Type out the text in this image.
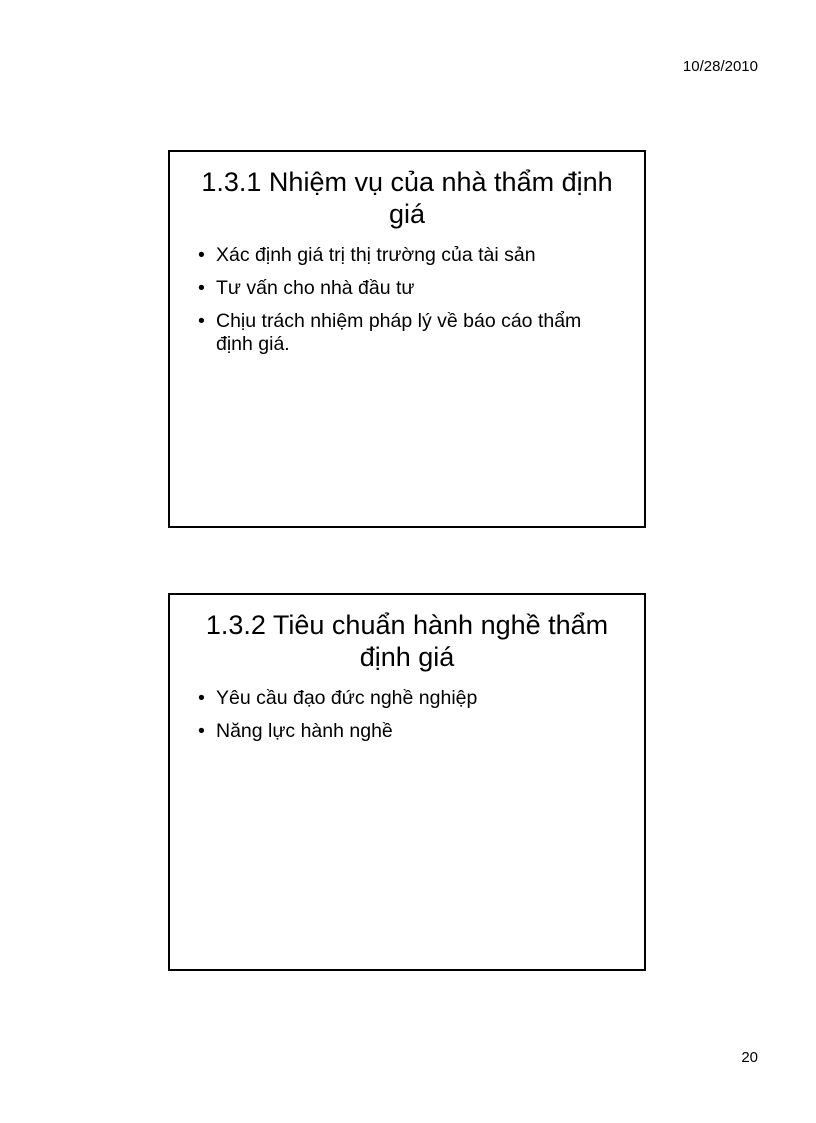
10/28/2010
1.3.1 Nhiệm vụ của nhà thẩm định giá
• Xác định giá trị thị trường của tài sản
• Tư vấn cho nhà đầu tư
• Chịu trách nhiệm pháp lý về báo cáo thẩm định giá.
1.3.2 Tiêu chuẩn hành nghề thẩm định giá
• Yêu cầu đạo đức nghề nghiệp
• Năng lực hành nghề
20
